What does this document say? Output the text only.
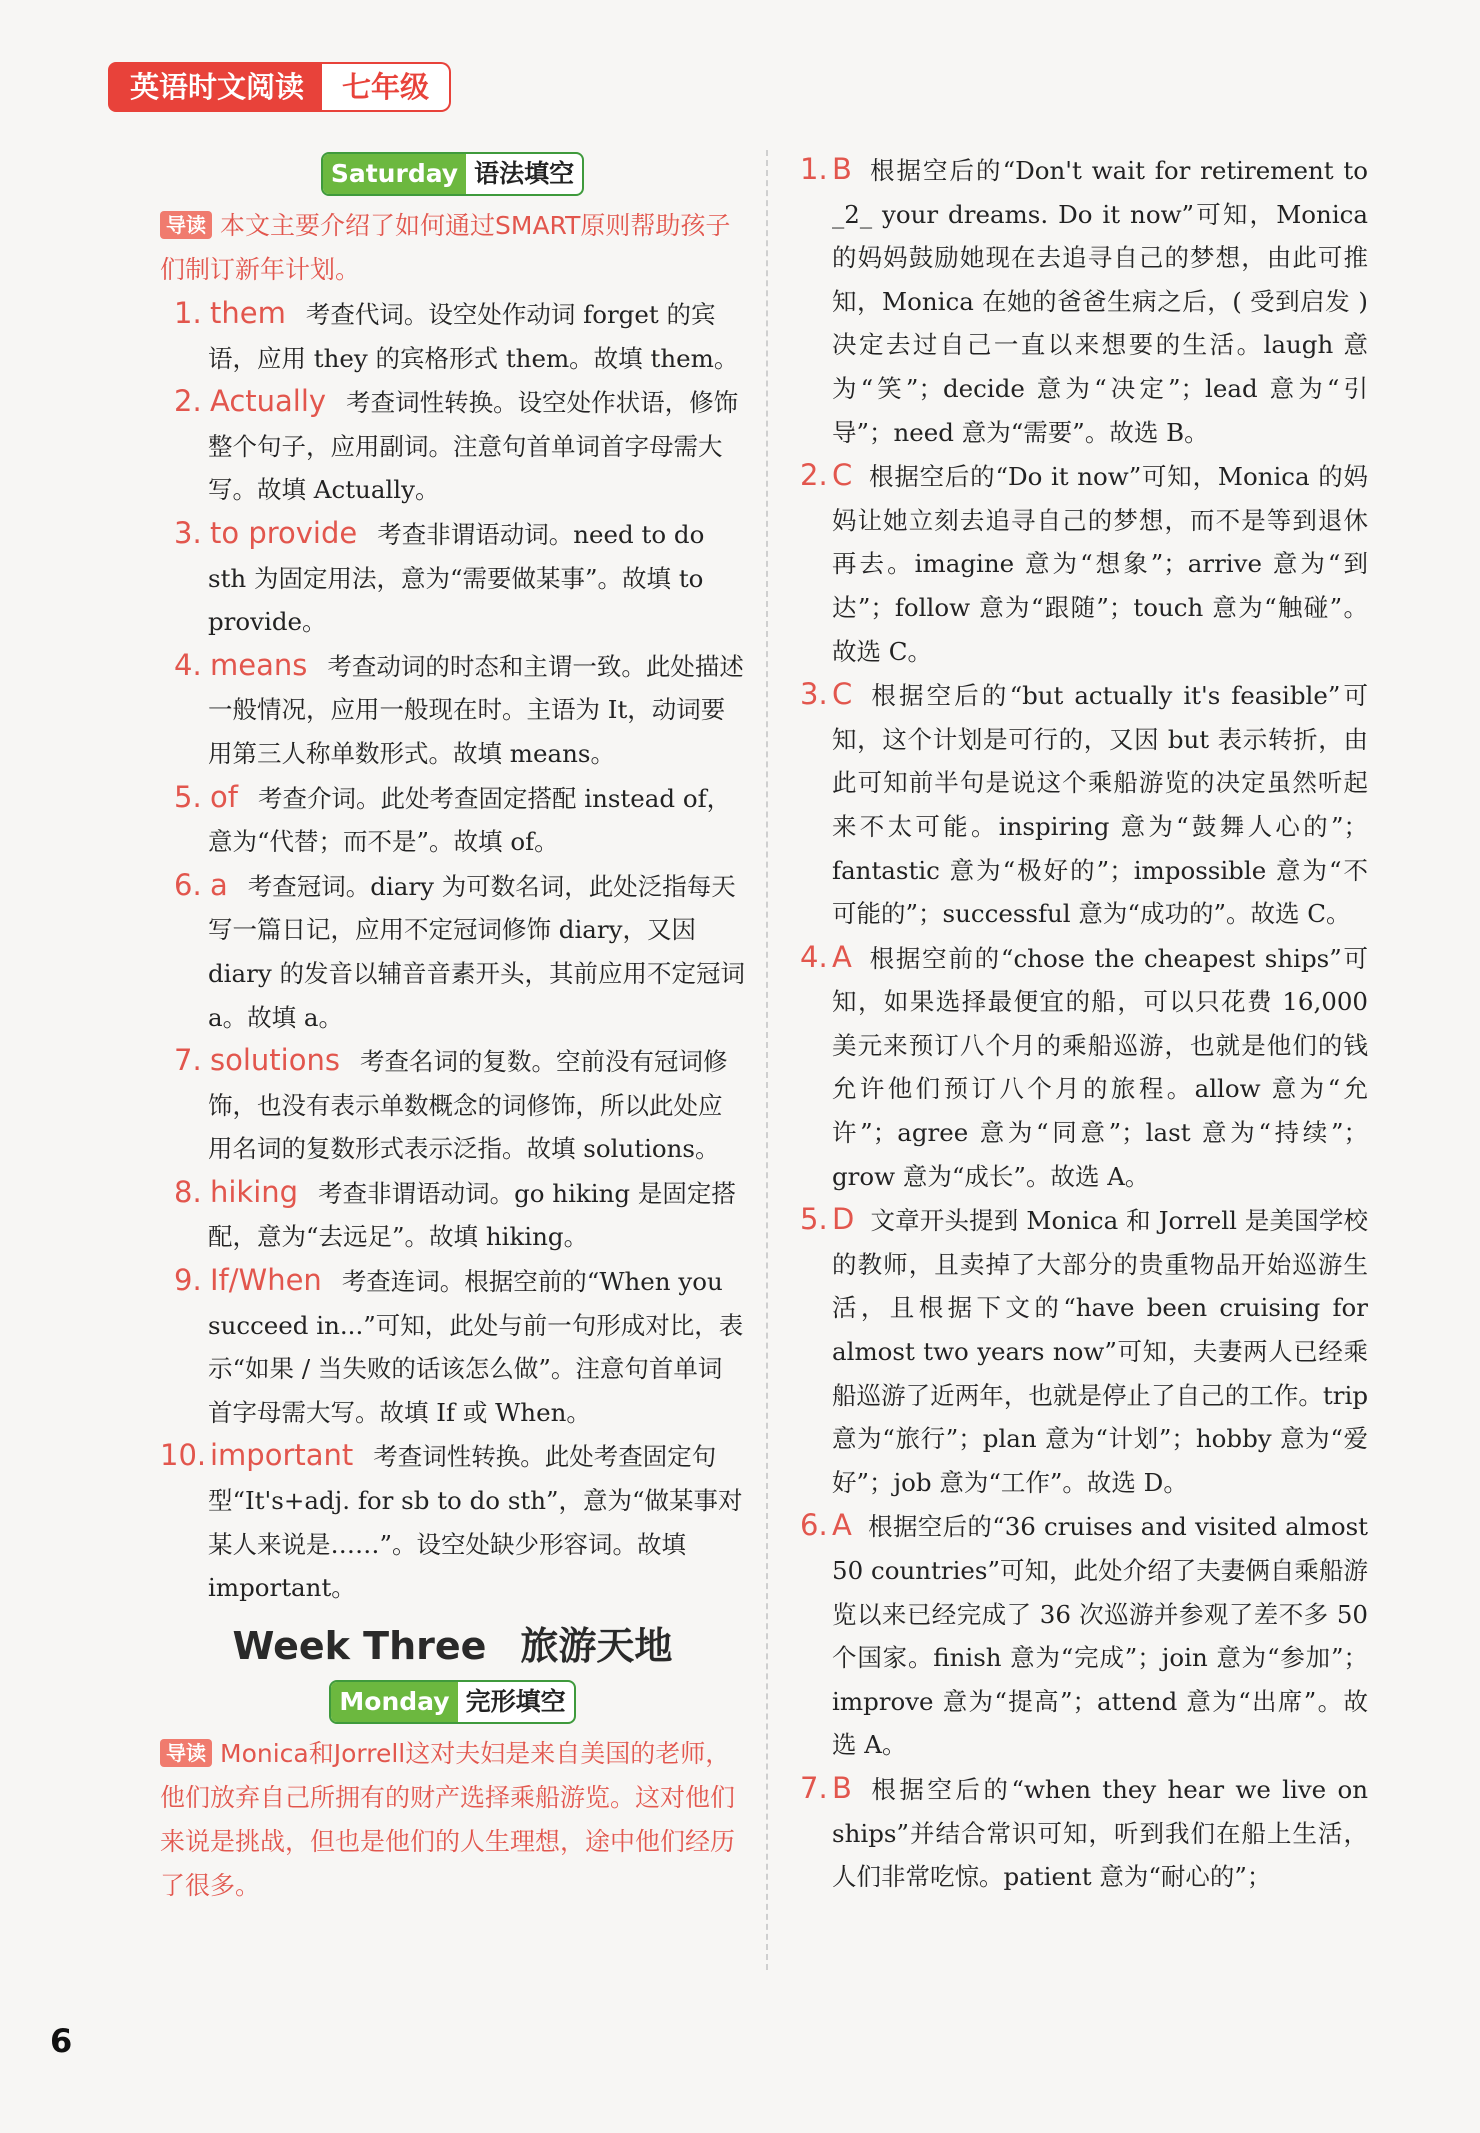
英语时文阅读	七年级
Saturday 语法填空

导读 本文主要介绍了如何通过SMART原则帮助孩子们制订新年计划。

1. them 考查代词。设空处作动词 forget 的宾语，应用 they 的宾格形式 them。故填 them。

2. Actually 考查词性转换。设空处作状语，修饰整个句子，应用副词。注意句首单词首字母需大写。故填 Actually。

3. to provide 考查非谓语动词。need to do sth 为固定用法，意为“需要做某事”。故填 to provide。

4. means 考查动词的时态和主谓一致。此处描述一般情况，应用一般现在时。主语为 It，动词要用第三人称单数形式。故填 means。

5. of 考查介词。此处考查固定搭配 instead of，意为“代替；而不是”。故填 of。

6. a 考查冠词。diary 为可数名词，此处泛指每天写一篇日记，应用不定冠词修饰 diary，又因 diary 的发音以辅音音素开头，其前应用不定冠词 a。故填 a。

7. solutions 考查名词的复数。空前没有冠词修饰，也没有表示单数概念的词修饰，所以此处应用名词的复数形式表示泛指。故填 solutions。

8. hiking 考查非谓语动词。go hiking 是固定搭配，意为“去远足”。故填 hiking。

9. If/When 考查连词。根据空前的“When you succeed in...”可知，此处与前一句形成对比，表示“如果 / 当失败的话该怎么做”。注意句首单词首字母需大写。故填 If 或 When。

10. important 考查词性转换。此处考查固定句型“It's+adj. for sb to do sth”，意为“做某事对某人来说是……”。设空处缺少形容词。故填 important。

Week Three 旅游天地
Monday 完形填空

导读 Monica和Jorrell这对夫妇是来自美国的老师，他们放弃自己所拥有的财产选择乘船游览。这对他们来说是挑战，但也是他们的人生理想，途中他们经历了很多。

1. B 根据空后的“Don't wait for retirement to _2_ your dreams. Do it now”可知，Monica 的妈妈鼓励她现在去追寻自己的梦想，由此可推知，Monica 在她的爸爸生病之后，( 受到启发 ) 决定去过自己一直以来想要的生活。laugh 意为“笑”；decide 意为“决定”；lead 意为“引导”；need 意为“需要”。故选 B。

2. C 根据空后的“Do it now”可知，Monica 的妈妈让她立刻去追寻自己的梦想，而不是等到退休再去。imagine 意为“想象”；arrive 意为“到达”；follow 意为“跟随”；touch 意为“触碰”。故选 C。

3. C 根据空后的“but actually it's feasible”可知，这个计划是可行的，又因 but 表示转折，由此可知前半句是说这个乘船游览的决定虽然听起来不太可能。inspiring 意为“鼓舞人心的”；fantastic 意为“极好的”；impossible 意为“不可能的”；successful 意为“成功的”。故选 C。

4. A 根据空前的“chose the cheapest ships”可知，如果选择最便宜的船，可以只花费 16,000 美元来预订八个月的乘船巡游，也就是他们的钱允许他们预订八个月的旅程。allow 意为“允许”；agree 意为“同意”；last 意为“持续”；grow 意为“成长”。故选 A。

5. D 文章开头提到 Monica 和 Jorrell 是美国学校的教师，且卖掉了大部分的贵重物品开始巡游生活，且根据下文的“have been cruising for almost two years now”可知，夫妻两人已经乘船巡游了近两年，也就是停止了自己的工作。trip 意为“旅行”；plan 意为“计划”；hobby 意为“爱好”；job 意为“工作”。故选 D。

6. A 根据空后的“36 cruises and visited almost 50 countries”可知，此处介绍了夫妻俩自乘船游览以来已经完成了 36 次巡游并参观了差不多 50 个国家。finish 意为“完成”；join 意为“参加”；improve 意为“提高”；attend 意为“出席”。故选 A。

7. B 根据空后的“when they hear we live on ships”并结合常识可知，听到我们在船上生活，人们非常吃惊。patient 意为“耐心的”；

6
